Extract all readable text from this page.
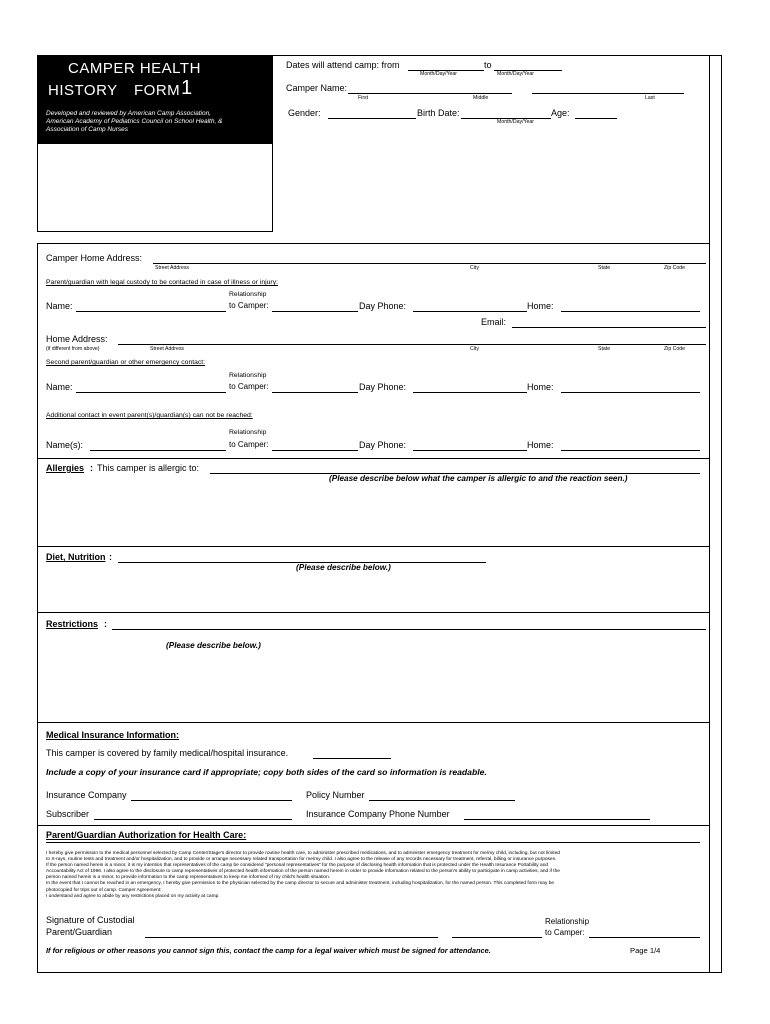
CAMPER HEALTH
HISTORY FORM 1
Developed and reviewed by American Camp Association,
American Academy of Pediatrics Council on School Health, &
Association of Camp Nurses
Dates will attend camp: from	to
Month/Day/Year	Month/Day/Year
Camper Name:
First	Middle	Last
Gender:	Birth Date:
Month/Day/Year
Age:
Camper Home Address:
Street Address	City	State	Zip Code
Parent/guardian with legal custody to be contacted in case of illness or injury:
Relationship
Name:	to Camper:	Day Phone:	Home:
Email:
Home Address:
(if different from above)	Street Address	City	State	Zip Code
Second parent/guardian or other emergency contact:
Relationship
Name:	to Camper:	Day Phone:	Home:
Additional contact in event parent(s)/guardian(s) can not be reached:
Relationship
Name(s):	to Camper:	Day Phone:	Home:
Allergies : This camper is allergic to:
(Please describe below what the camper is allergic to and the reaction seen.)
Diet, Nutrition :
(Please describe below.)
Restrictions :
(Please describe below.)
Medical Insurance Information:
This camper is covered by family medical/hospital insurance.
Include a copy of your insurance card if appropriate; copy both sides of the card so information is readable.
Insurance Company	Policy Number
Subscriber	Insurance Company Phone Number
Parent/Guardian Authorization for Health Care:
I hereby give permission to the medical personnel selected by Camp Center/Stage's director to provide routine health care, to administer prescribed medications, and to administer emergency treatment for me/my child, including, but not limited
to X-rays, routine tests and treatment and/or hospitalization, and to provide or arrange necessary related transportation for me/my child. I also agree to the release of any records necessary for treatment, referral, billing or insurance purposes.
If the person named herein is a minor, it is my intention that representatives of the camp be considered "personal representatives" for the purpose of disclosing health information that is protected under the Health Insurance Portability and
Accountability Act of 1996. I also agree to the disclosure to camp representatives of protected health information of the person named herein in order to provide information related to the person's ability to participate in camp activities, and if the
person named herein is a minor, to provide information to the camp representatives to keep me informed of my child's health situation.
In the event that I cannot be reached in an emergency, I hereby give permission to the physician selected by the camp director to secure and administer treatment, including hospitalization, for the named person. This completed form may be
photocopied for trips out of camp. Camper Agreement:
I understand and agree to abide by any restrictions placed on my activity at camp.
Signature of Custodial
Parent/Guardian
Relationship
to Camper:
If for religious or other reasons you cannot sign this, contact the camp for a legal waiver which must be signed for attendance.	Page 1/4
